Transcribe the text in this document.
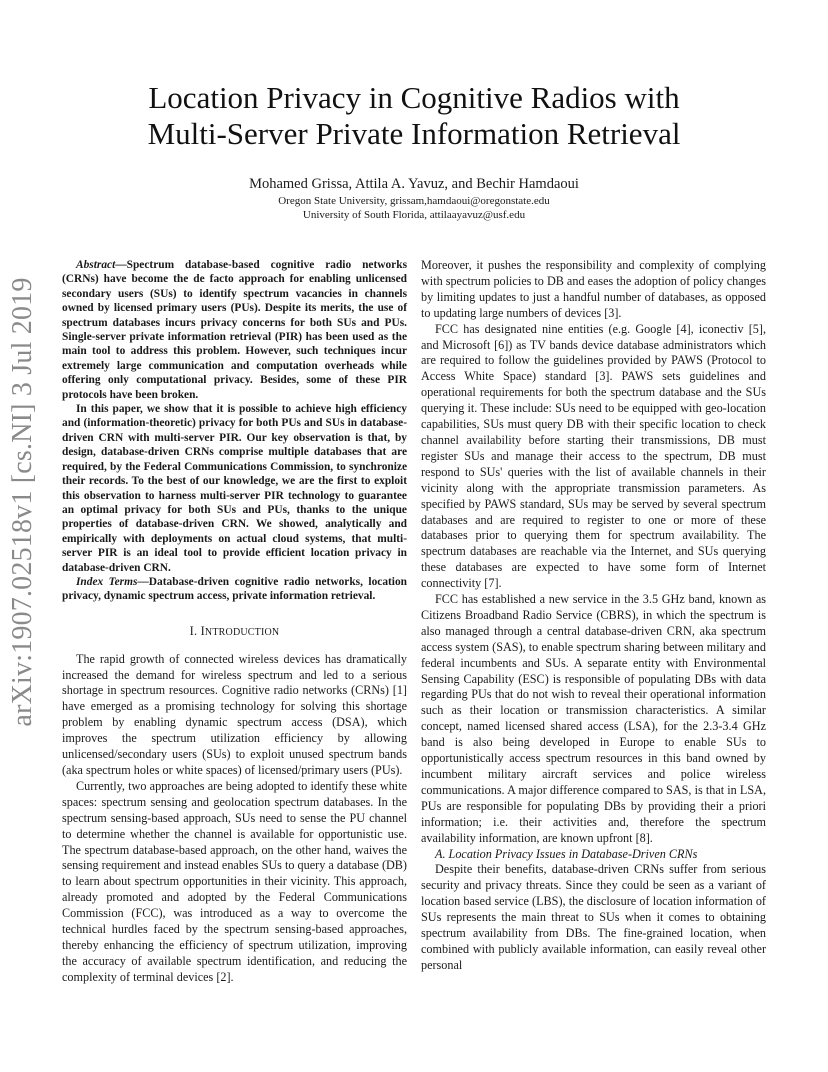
arXiv:1907.02518v1 [cs.NI] 3 Jul 2019
Location Privacy in Cognitive Radios with
Multi-Server Private Information Retrieval
Mohamed Grissa, Attila A. Yavuz, and Bechir Hamdaoui
Oregon State University, grissam,hamdaoui@oregonstate.edu
University of South Florida, attilaayavuz@usf.edu

Abstract—Spectrum database-based cognitive radio networks (CRNs) have become the de facto approach for enabling unlicensed secondary users (SUs) to identify spectrum vacancies in channels owned by licensed primary users (PUs). Despite its merits, the use of spectrum databases incurs privacy concerns for both SUs and PUs. Single-server private information retrieval (PIR) has been used as the main tool to address this problem. However, such techniques incur extremely large communication and computation overheads while offering only computational privacy. Besides, some of these PIR protocols have been broken.

In this paper, we show that it is possible to achieve high efficiency and (information-theoretic) privacy for both PUs and SUs in database-driven CRN with multi-server PIR. Our key observation is that, by design, database-driven CRNs comprise multiple databases that are required, by the Federal Communications Commission, to synchronize their records. To the best of our knowledge, we are the first to exploit this observation to harness multi-server PIR technology to guarantee an optimal privacy for both SUs and PUs, thanks to the unique properties of database-driven CRN. We showed, analytically and empirically with deployments on actual cloud systems, that multi-server PIR is an ideal tool to provide efficient location privacy in database-driven CRN.

Index Terms—Database-driven cognitive radio networks, location privacy, dynamic spectrum access, private information retrieval.

I. INTRODUCTION

The rapid growth of connected wireless devices has dramatically increased the demand for wireless spectrum and led to a serious shortage in spectrum resources. Cognitive radio networks (CRNs) [1] have emerged as a promising technology for solving this shortage problem by enabling dynamic spectrum access (DSA), which improves the spectrum utilization efficiency by allowing unlicensed/secondary users (SUs) to exploit unused spectrum bands (aka spectrum holes or white spaces) of licensed/primary users (PUs).

Currently, two approaches are being adopted to identify these white spaces: spectrum sensing and geolocation spectrum databases. In the spectrum sensing-based approach, SUs need to sense the PU channel to determine whether the channel is available for opportunistic use. The spectrum database-based approach, on the other hand, waives the sensing requirement and instead enables SUs to query a database (DB) to learn about spectrum opportunities in their vicinity. This approach, already promoted and adopted by the Federal Communications Commission (FCC), was introduced as a way to overcome the technical hurdles faced by the spectrum sensing-based approaches, thereby enhancing the efficiency of spectrum utilization, improving the accuracy of available spectrum identification, and reducing the complexity of terminal devices [2].

Moreover, it pushes the responsibility and complexity of complying with spectrum policies to DB and eases the adoption of policy changes by limiting updates to just a handful number of databases, as opposed to updating large numbers of devices [3].

FCC has designated nine entities (e.g. Google [4], iconectiv [5], and Microsoft [6]) as TV bands device database administrators which are required to follow the guidelines provided by PAWS (Protocol to Access White Space) standard [3]. PAWS sets guidelines and operational requirements for both the spectrum database and the SUs querying it. These include: SUs need to be equipped with geo-location capabilities, SUs must query DB with their specific location to check channel availability before starting their transmissions, DB must register SUs and manage their access to the spectrum, DB must respond to SUs' queries with the list of available channels in their vicinity along with the appropriate transmission parameters. As specified by PAWS standard, SUs may be served by several spectrum databases and are required to register to one or more of these databases prior to querying them for spectrum availability. The spectrum databases are reachable via the Internet, and SUs querying these databases are expected to have some form of Internet connectivity [7].

FCC has established a new service in the 3.5 GHz band, known as Citizens Broadband Radio Service (CBRS), in which the spectrum is also managed through a central database-driven CRN, aka spectrum access system (SAS), to enable spectrum sharing between military and federal incumbents and SUs. A separate entity with Environmental Sensing Capability (ESC) is responsible of populating DBs with data regarding PUs that do not wish to reveal their operational information such as their location or transmission characteristics. A similar concept, named licensed shared access (LSA), for the 2.3-3.4 GHz band is also being developed in Europe to enable SUs to opportunistically access spectrum resources in this band owned by incumbent military aircraft services and police wireless communications. A major difference compared to SAS, is that in LSA, PUs are responsible for populating DBs by providing their a priori information; i.e. their activities and, therefore the spectrum availability information, are known upfront [8].

A. Location Privacy Issues in Database-Driven CRNs

Despite their benefits, database-driven CRNs suffer from serious security and privacy threats. Since they could be seen as a variant of location based service (LBS), the disclosure of location information of SUs represents the main threat to SUs when it comes to obtaining spectrum availability from DBs. The fine-grained location, when combined with publicly available information, can easily reveal other personal
